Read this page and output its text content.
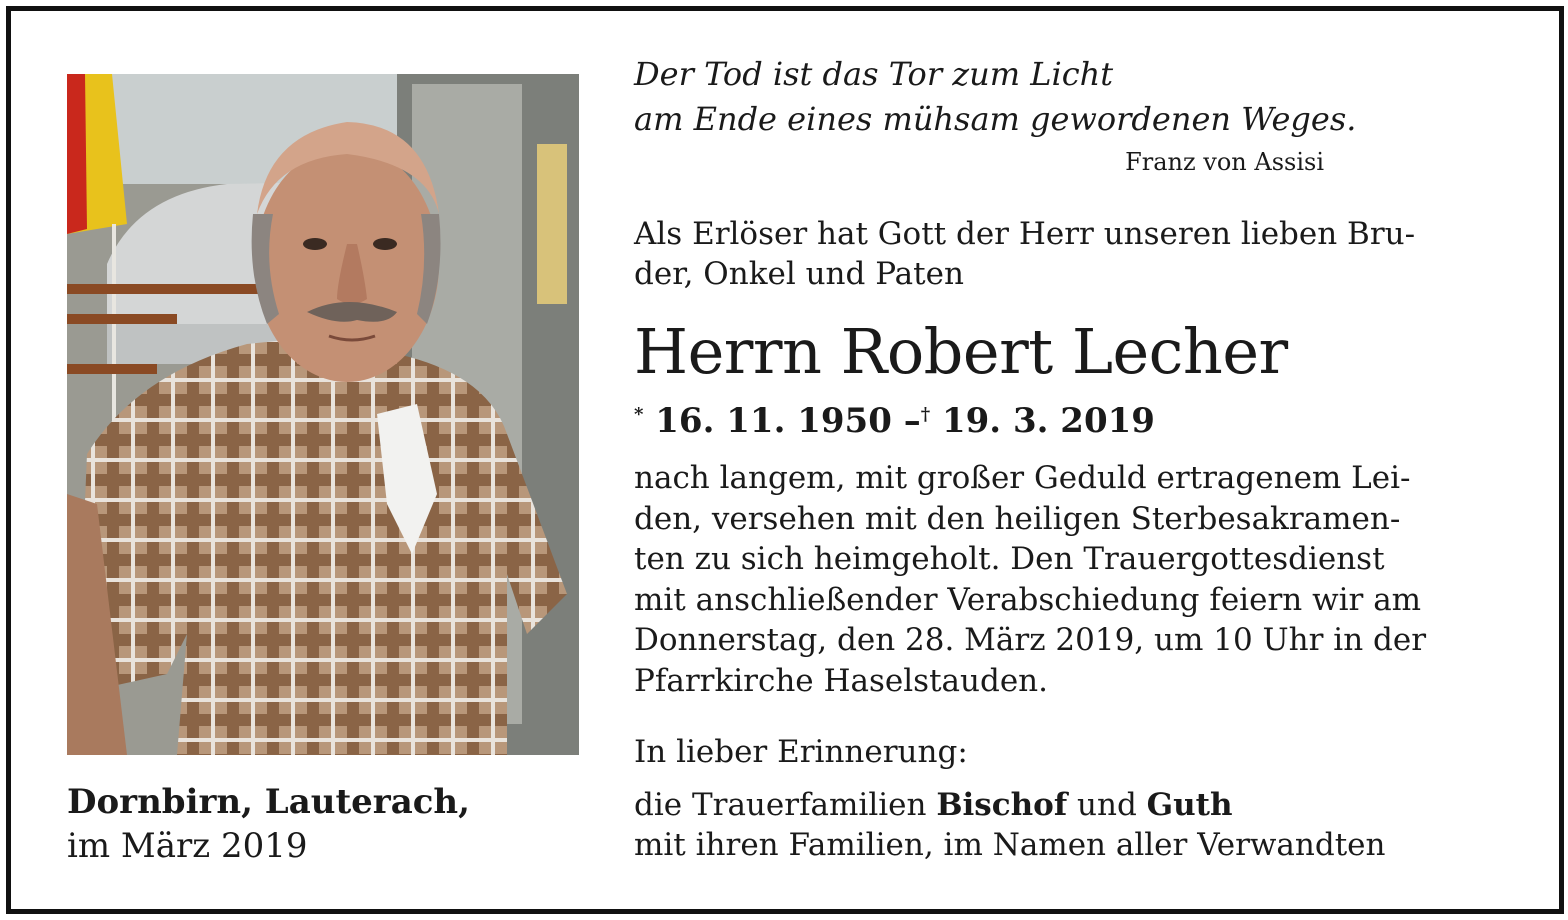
Dornbirn, Lauterach,
im März 2019
Der Tod ist das Tor zum Licht
am Ende eines mühsam gewordenen Weges.
Franz von Assisi
Als Erlöser hat Gott der Herr unseren lieben Bru-
der, Onkel und Paten
Herrn Robert Lecher
* 16. 11. 1950 –† 19. 3. 2019
nach langem, mit großer Geduld ertragenem Lei-
den, versehen mit den heiligen Sterbesakramen-
ten zu sich heimgeholt. Den Trauergottesdienst
mit anschließender Verabschiedung feiern wir am
Donnerstag, den 28. März 2019, um 10 Uhr in der
Pfarrkirche Haselstauden.
In lieber Erinnerung:
die Trauerfamilien Bischof und Guth
mit ihren Familien, im Namen aller Verwandten
